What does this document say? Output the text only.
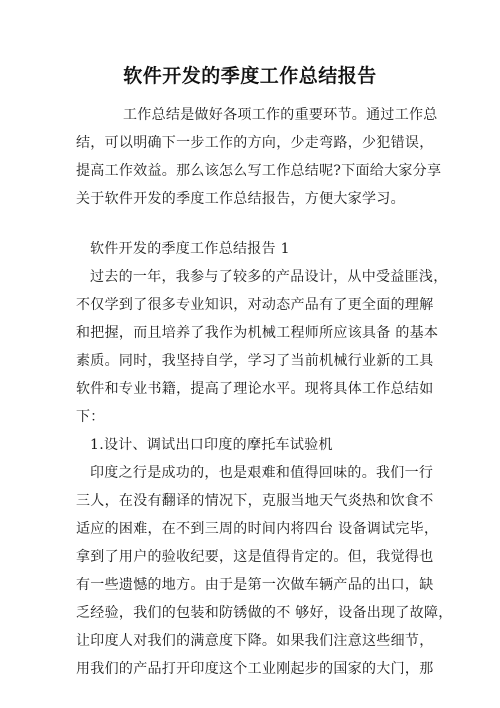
软件开发的季度工作总结报告
工作总结是做好各项工作的重要环节。通过工作总
结，可以明确下一步工作的方向，少走弯路，少犯错误，
提高工作效益。那么该怎么写工作总结呢?下面给大家分享
关于软件开发的季度工作总结报告，方便大家学习。
软件开发的季度工作总结报告 1
过去的一年，我参与了较多的产品设计，从中受益匪浅，
不仅学到了很多专业知识，对动态产品有了更全面的理解
和把握，而且培养了我作为机械工程师所应该具备 的基本
素质。同时，我坚持自学，学习了当前机械行业新的工具
软件和专业书籍，提高了理论水平。现将具体工作总结如
下：
1.设计、调试出口印度的摩托车试验机
印度之行是成功的，也是艰难和值得回味的。我们一行
三人，在没有翻译的情况下，克服当地天气炎热和饮食不
适应的困难，在不到三周的时间内将四台 设备调试完毕，
拿到了用户的验收纪要，这是值得肯定的。但，我觉得也
有一些遗憾的地方。由于是第一次做车辆产品的出口，缺
乏经验，我们的包装和防锈做的不 够好，设备出现了故障，
让印度人对我们的满意度下降。如果我们注意这些细节，
用我们的产品打开印度这个工业刚起步的国家的大门，那
